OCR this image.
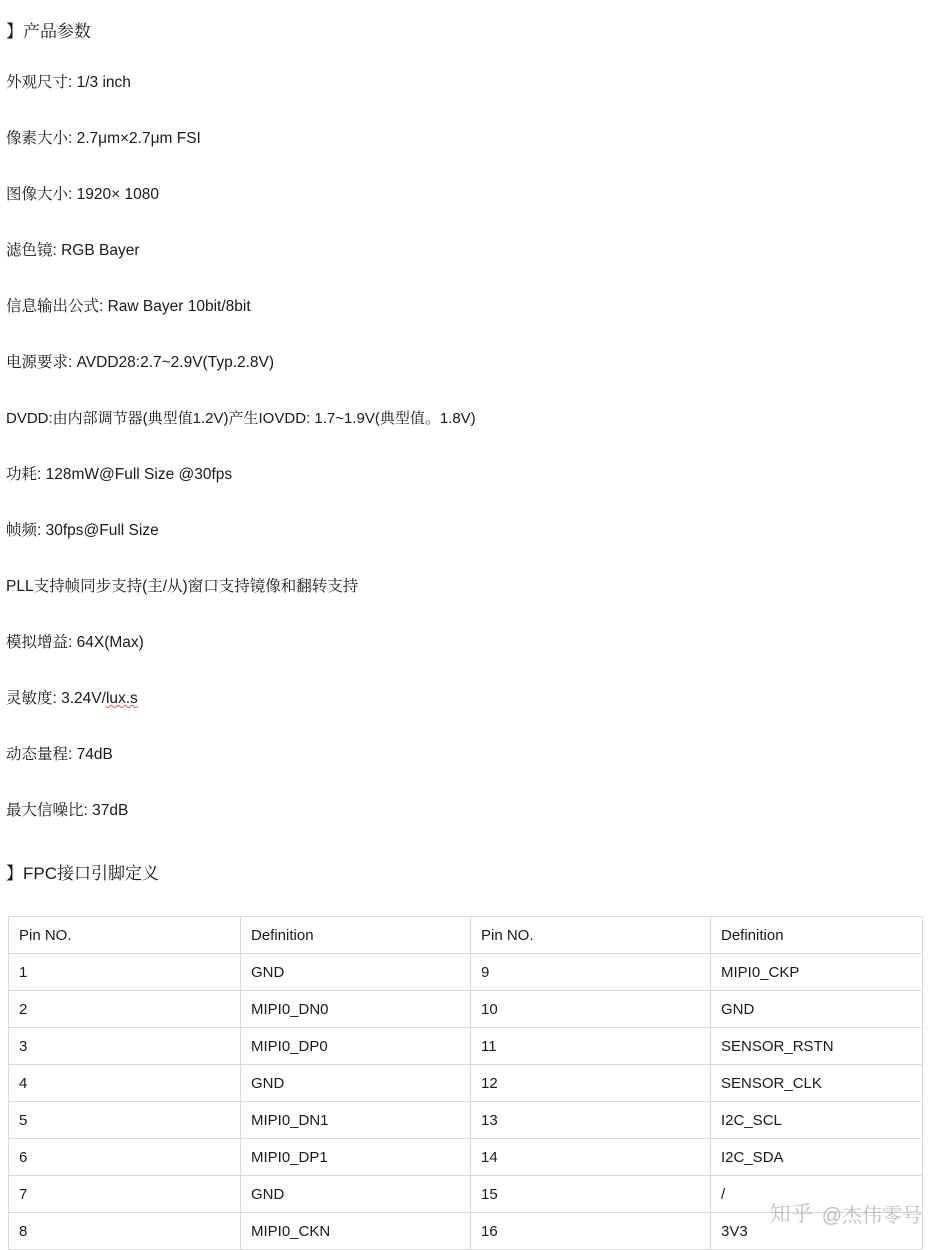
】产品参数
外观尺寸: 1/3 inch
像素大小: 2.7μm×2.7μm FSI
图像大小: 1920× 1080
滤色镜: RGB Bayer
信息输出公式: Raw Bayer 10bit/8bit
电源要求: AVDD28:2.7~2.9V(Typ.2.8V)
DVDD:由内部调节器(典型值1.2V)产生IOVDD: 1.7~1.9V(典型值。1.8V)
功耗: 128mW@Full Size @30fps
帧频: 30fps@Full Size
PLL支持帧同步支持(主/从)窗口支持镜像和翻转支持
模拟增益: 64X(Max)
灵敏度: 3.24V/lux.s
动态量程: 74dB
最大信噪比: 37dB
】FPC接口引脚定义
Pin NO.	Definition	Pin NO.	Definition
1	GND	9	MIPI0_CKP
2	MIPI0_DN0	10	GND
3	MIPI0_DP0	11	SENSOR_RSTN
4	GND	12	SENSOR_CLK
5	MIPI0_DN1	13	I2C_SCL
6	MIPI0_DP1	14	I2C_SDA
7	GND	15	/
8	MIPI0_CKN	16	3V3
知乎 @杰伟零号
